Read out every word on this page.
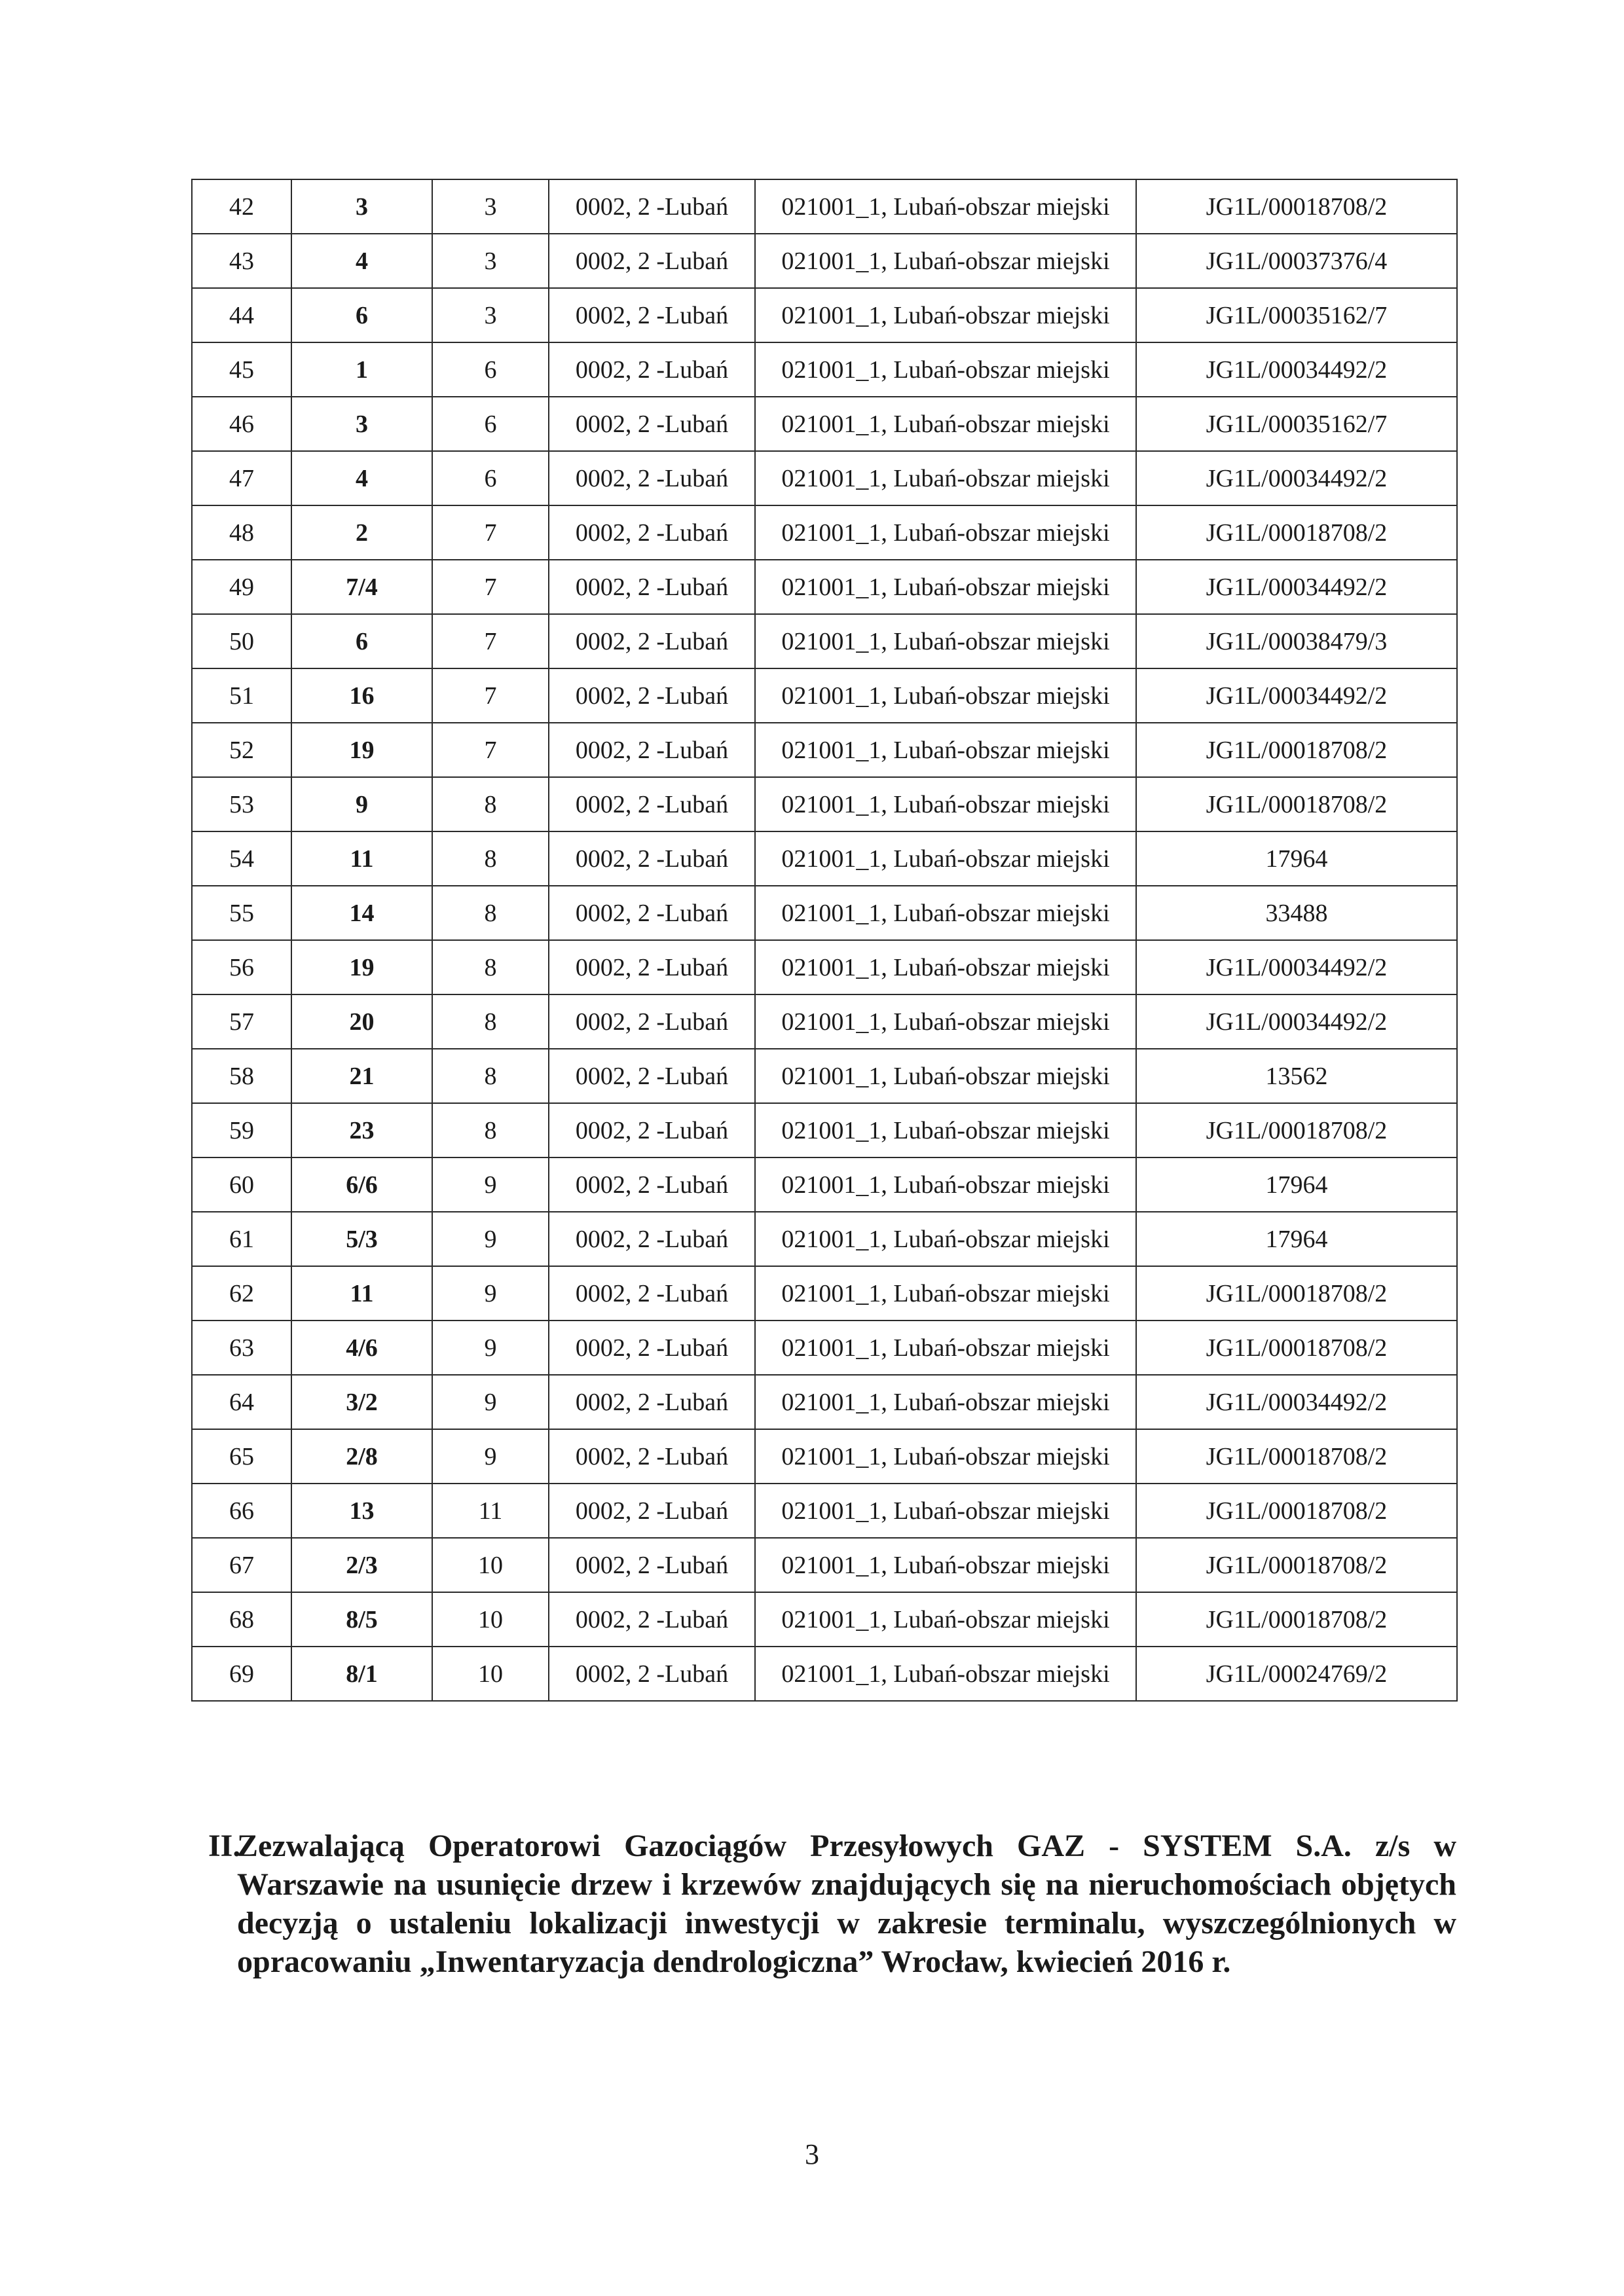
42	3	3	0002, 2 -Lubań	021001_1, Lubań-obszar miejski	JG1L/00018708/2
43	4	3	0002, 2 -Lubań	021001_1, Lubań-obszar miejski	JG1L/00037376/4
44	6	3	0002, 2 -Lubań	021001_1, Lubań-obszar miejski	JG1L/00035162/7
45	1	6	0002, 2 -Lubań	021001_1, Lubań-obszar miejski	JG1L/00034492/2
46	3	6	0002, 2 -Lubań	021001_1, Lubań-obszar miejski	JG1L/00035162/7
47	4	6	0002, 2 -Lubań	021001_1, Lubań-obszar miejski	JG1L/00034492/2
48	2	7	0002, 2 -Lubań	021001_1, Lubań-obszar miejski	JG1L/00018708/2
49	7/4	7	0002, 2 -Lubań	021001_1, Lubań-obszar miejski	JG1L/00034492/2
50	6	7	0002, 2 -Lubań	021001_1, Lubań-obszar miejski	JG1L/00038479/3
51	16	7	0002, 2 -Lubań	021001_1, Lubań-obszar miejski	JG1L/00034492/2
52	19	7	0002, 2 -Lubań	021001_1, Lubań-obszar miejski	JG1L/00018708/2
53	9	8	0002, 2 -Lubań	021001_1, Lubań-obszar miejski	JG1L/00018708/2
54	11	8	0002, 2 -Lubań	021001_1, Lubań-obszar miejski	17964
55	14	8	0002, 2 -Lubań	021001_1, Lubań-obszar miejski	33488
56	19	8	0002, 2 -Lubań	021001_1, Lubań-obszar miejski	JG1L/00034492/2
57	20	8	0002, 2 -Lubań	021001_1, Lubań-obszar miejski	JG1L/00034492/2
58	21	8	0002, 2 -Lubań	021001_1, Lubań-obszar miejski	13562
59	23	8	0002, 2 -Lubań	021001_1, Lubań-obszar miejski	JG1L/00018708/2
60	6/6	9	0002, 2 -Lubań	021001_1, Lubań-obszar miejski	17964
61	5/3	9	0002, 2 -Lubań	021001_1, Lubań-obszar miejski	17964
62	11	9	0002, 2 -Lubań	021001_1, Lubań-obszar miejski	JG1L/00018708/2
63	4/6	9	0002, 2 -Lubań	021001_1, Lubań-obszar miejski	JG1L/00018708/2
64	3/2	9	0002, 2 -Lubań	021001_1, Lubań-obszar miejski	JG1L/00034492/2
65	2/8	9	0002, 2 -Lubań	021001_1, Lubań-obszar miejski	JG1L/00018708/2
66	13	11	0002, 2 -Lubań	021001_1, Lubań-obszar miejski	JG1L/00018708/2
67	2/3	10	0002, 2 -Lubań	021001_1, Lubań-obszar miejski	JG1L/00018708/2
68	8/5	10	0002, 2 -Lubań	021001_1, Lubań-obszar miejski	JG1L/00018708/2
69	8/1	10	0002, 2 -Lubań	021001_1, Lubań-obszar miejski	JG1L/00024769/2
II.
Zezwalającą Operatorowi Gazociągów Przesyłowych GAZ - SYSTEM S.A. z/s w Warszawie na usunięcie drzew i krzewów znajdujących się na nieruchomościach objętych decyzją o ustaleniu lokalizacji inwestycji w zakresie terminalu, wyszczególnionych w opracowaniu „Inwentaryzacja dendrologiczna” Wrocław, kwiecień 2016 r.
3
